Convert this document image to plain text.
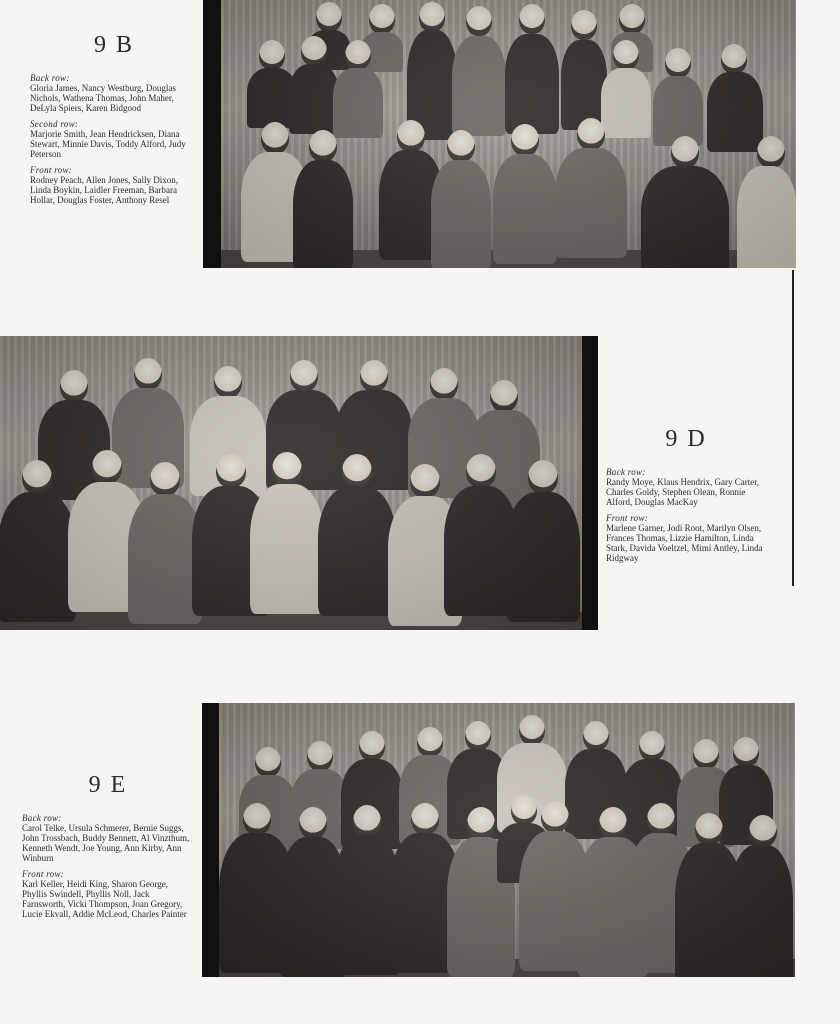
9 B

Back row:

Gloria James, Nancy Westburg, Douglas Nichols, Wathena Thomas, John Maher, DeLyla Spiers, Karen Bidgood

Second row:

Marjorie Smith, Jean Hendricksen, Diana Stewart, Minnie Davis, Toddy Alford, Judy Peterson

Front row:

Rodney Peach, Allen Jones, Sally Dixon, Linda Boykin, Laidler Freeman, Barbara Hollar, Douglas Foster, Anthony Resel

9 D

Back row:

Randy Moye, Klaus Hendrix, Gary Carter, Charles Goldy, Stephen Olean, Ronnie Alford, Douglas MacKay

Front row:

Marlene Garner, Jodi Root, Marilyn Olsen, Frances Thomas, Lizzie Hamilton, Linda Stark, Davida Voeltzel, Mimi Antley, Linda Ridgway

9 E

Back row:

Carol Telke, Ursula Schmerer, Bernie Suggs, John Trossbach, Buddy Bennett, Al Vinzthum, Kenneth Wendt, Joe Young, Ann Kirby, Ann Winburn

Front row:

Karl Keller, Heidi King, Sharon George, Phyllis Swindell, Phyllis Noll, Jack Farnsworth, Vicki Thompson, Joan Gregory, Lucie Ekvall, Addie McLeod, Charles Painter
